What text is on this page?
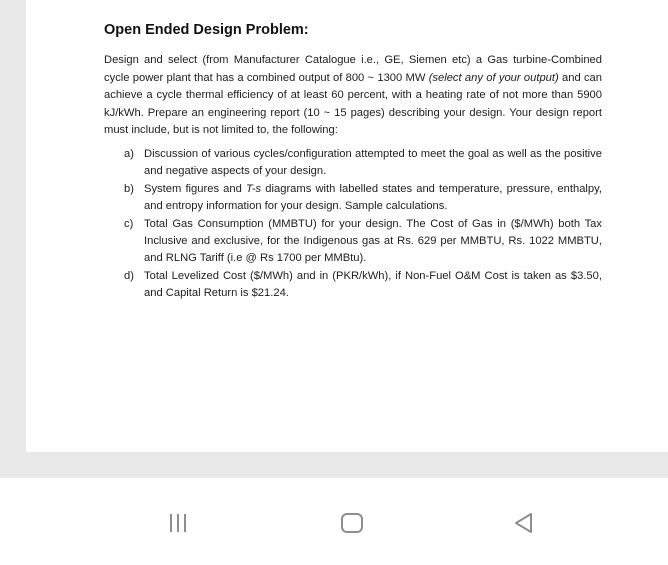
Open Ended Design Problem:

Design and select (from Manufacturer Catalogue i.e., GE, Siemen etc) a Gas turbine-Combined cycle power plant that has a combined output of 800 ~ 1300 MW (select any of your output) and can achieve a cycle thermal efficiency of at least 60 percent, with a heating rate of not more than 5900 kJ/kWh. Prepare an engineering report (10 ~ 15 pages) describing your design. Your design report must include, but is not limited to, the following:

a) Discussion of various cycles/configuration attempted to meet the goal as well as the positive and negative aspects of your design.
b) System figures and T-s diagrams with labelled states and temperature, pressure, enthalpy, and entropy information for your design. Sample calculations.
c) Total Gas Consumption (MMBTU) for your design. The Cost of Gas in ($/MWh) both Tax Inclusive and exclusive, for the Indigenous gas at Rs. 629 per MMBTU, Rs. 1022 MMBTU, and RLNG Tariff (i.e @ Rs 1700 per MMBtu).
d) Total Levelized Cost ($/MWh) and in (PKR/kWh), if Non-Fuel O&M Cost is taken as $3.50, and Capital Return is $21.24.
